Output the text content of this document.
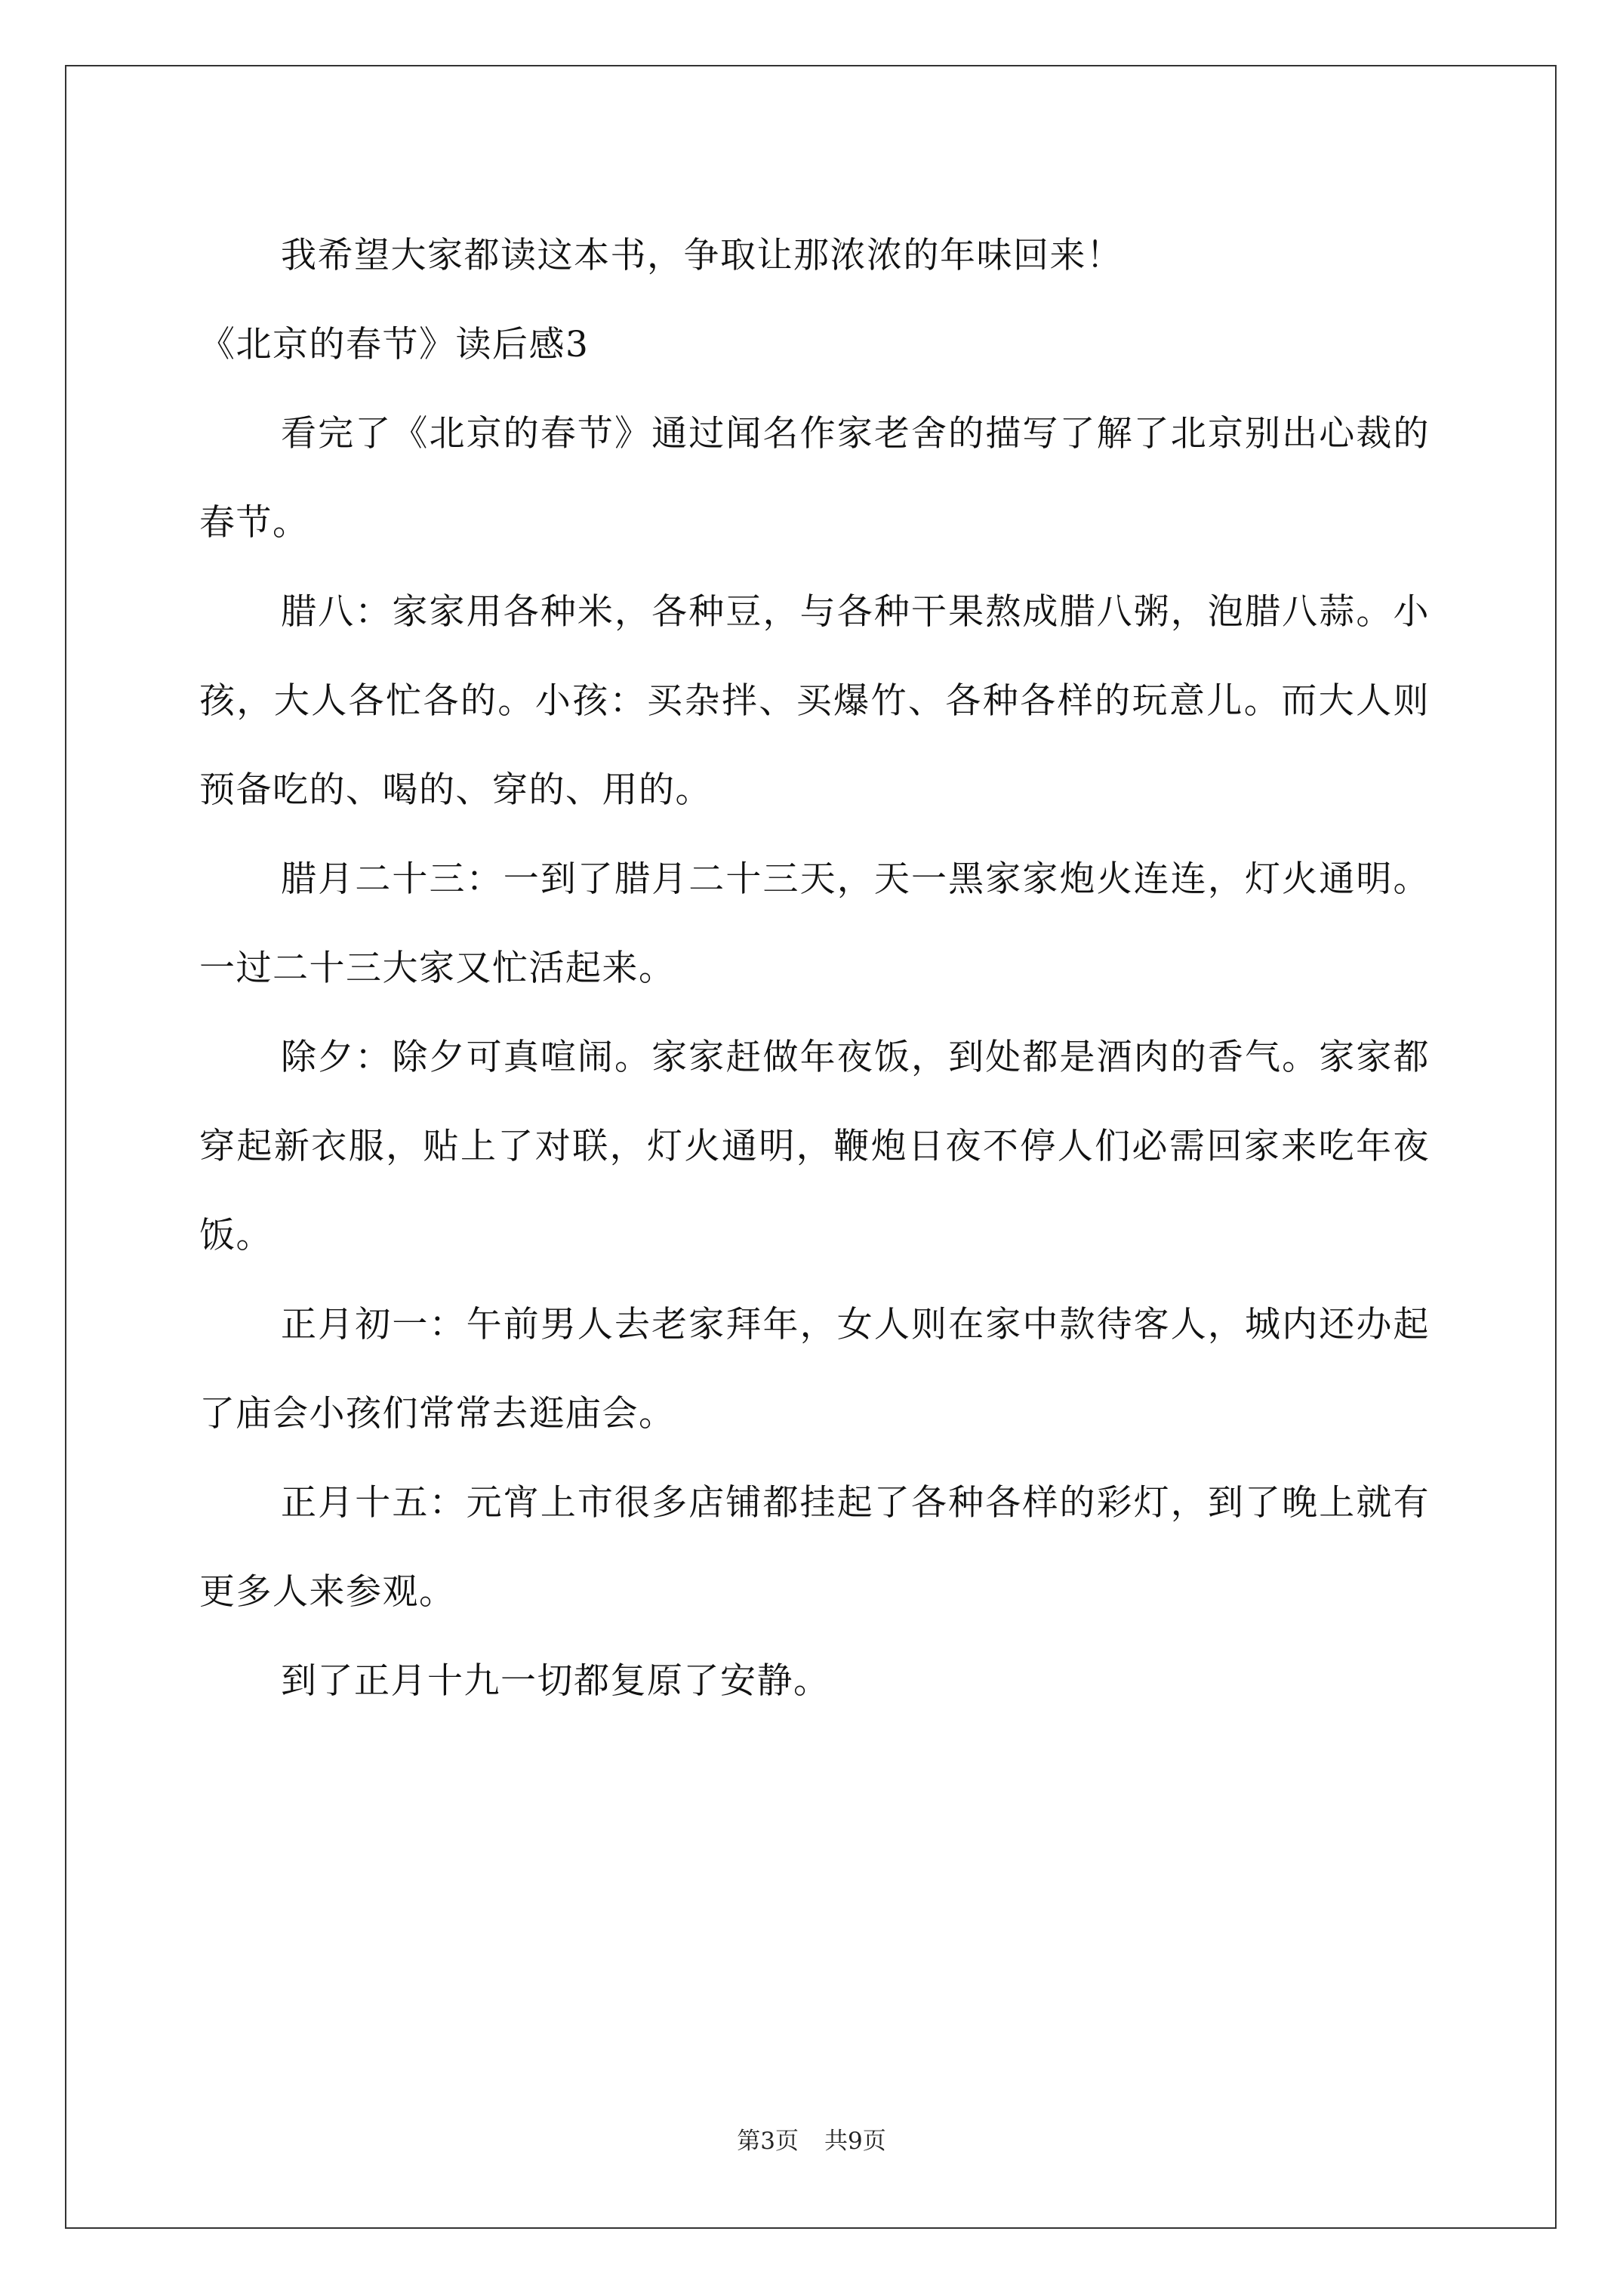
我希望大家都读这本书，争取让那浓浓的年味回来！

《北京的春节》读后感3

看完了《北京的春节》通过闻名作家老舍的描写了解了北京别出心裁的春节。

腊八：家家用各种米，各种豆，与各种干果熬成腊八粥，泡腊八蒜。小孩，大人各忙各的。小孩：买杂拌、买爆竹、各种各样的玩意儿。而大人则预备吃的、喝的、穿的、用的。

腊月二十三：一到了腊月二十三天，天一黑家家炮火连连，灯火通明。一过二十三大家又忙活起来。

除夕：除夕可真喧闹。家家赶做年夜饭，到处都是酒肉的香气。家家都穿起新衣服，贴上了对联，灯火通明，鞭炮日夜不停人们必需回家来吃年夜饭。

正月初一：午前男人去老家拜年，女人则在家中款待客人，城内还办起了庙会小孩们常常去逛庙会。

正月十五：元宵上市很多店铺都挂起了各种各样的彩灯，到了晚上就有更多人来参观。

到了正月十九一切都复原了安静。

第3页 共9页
